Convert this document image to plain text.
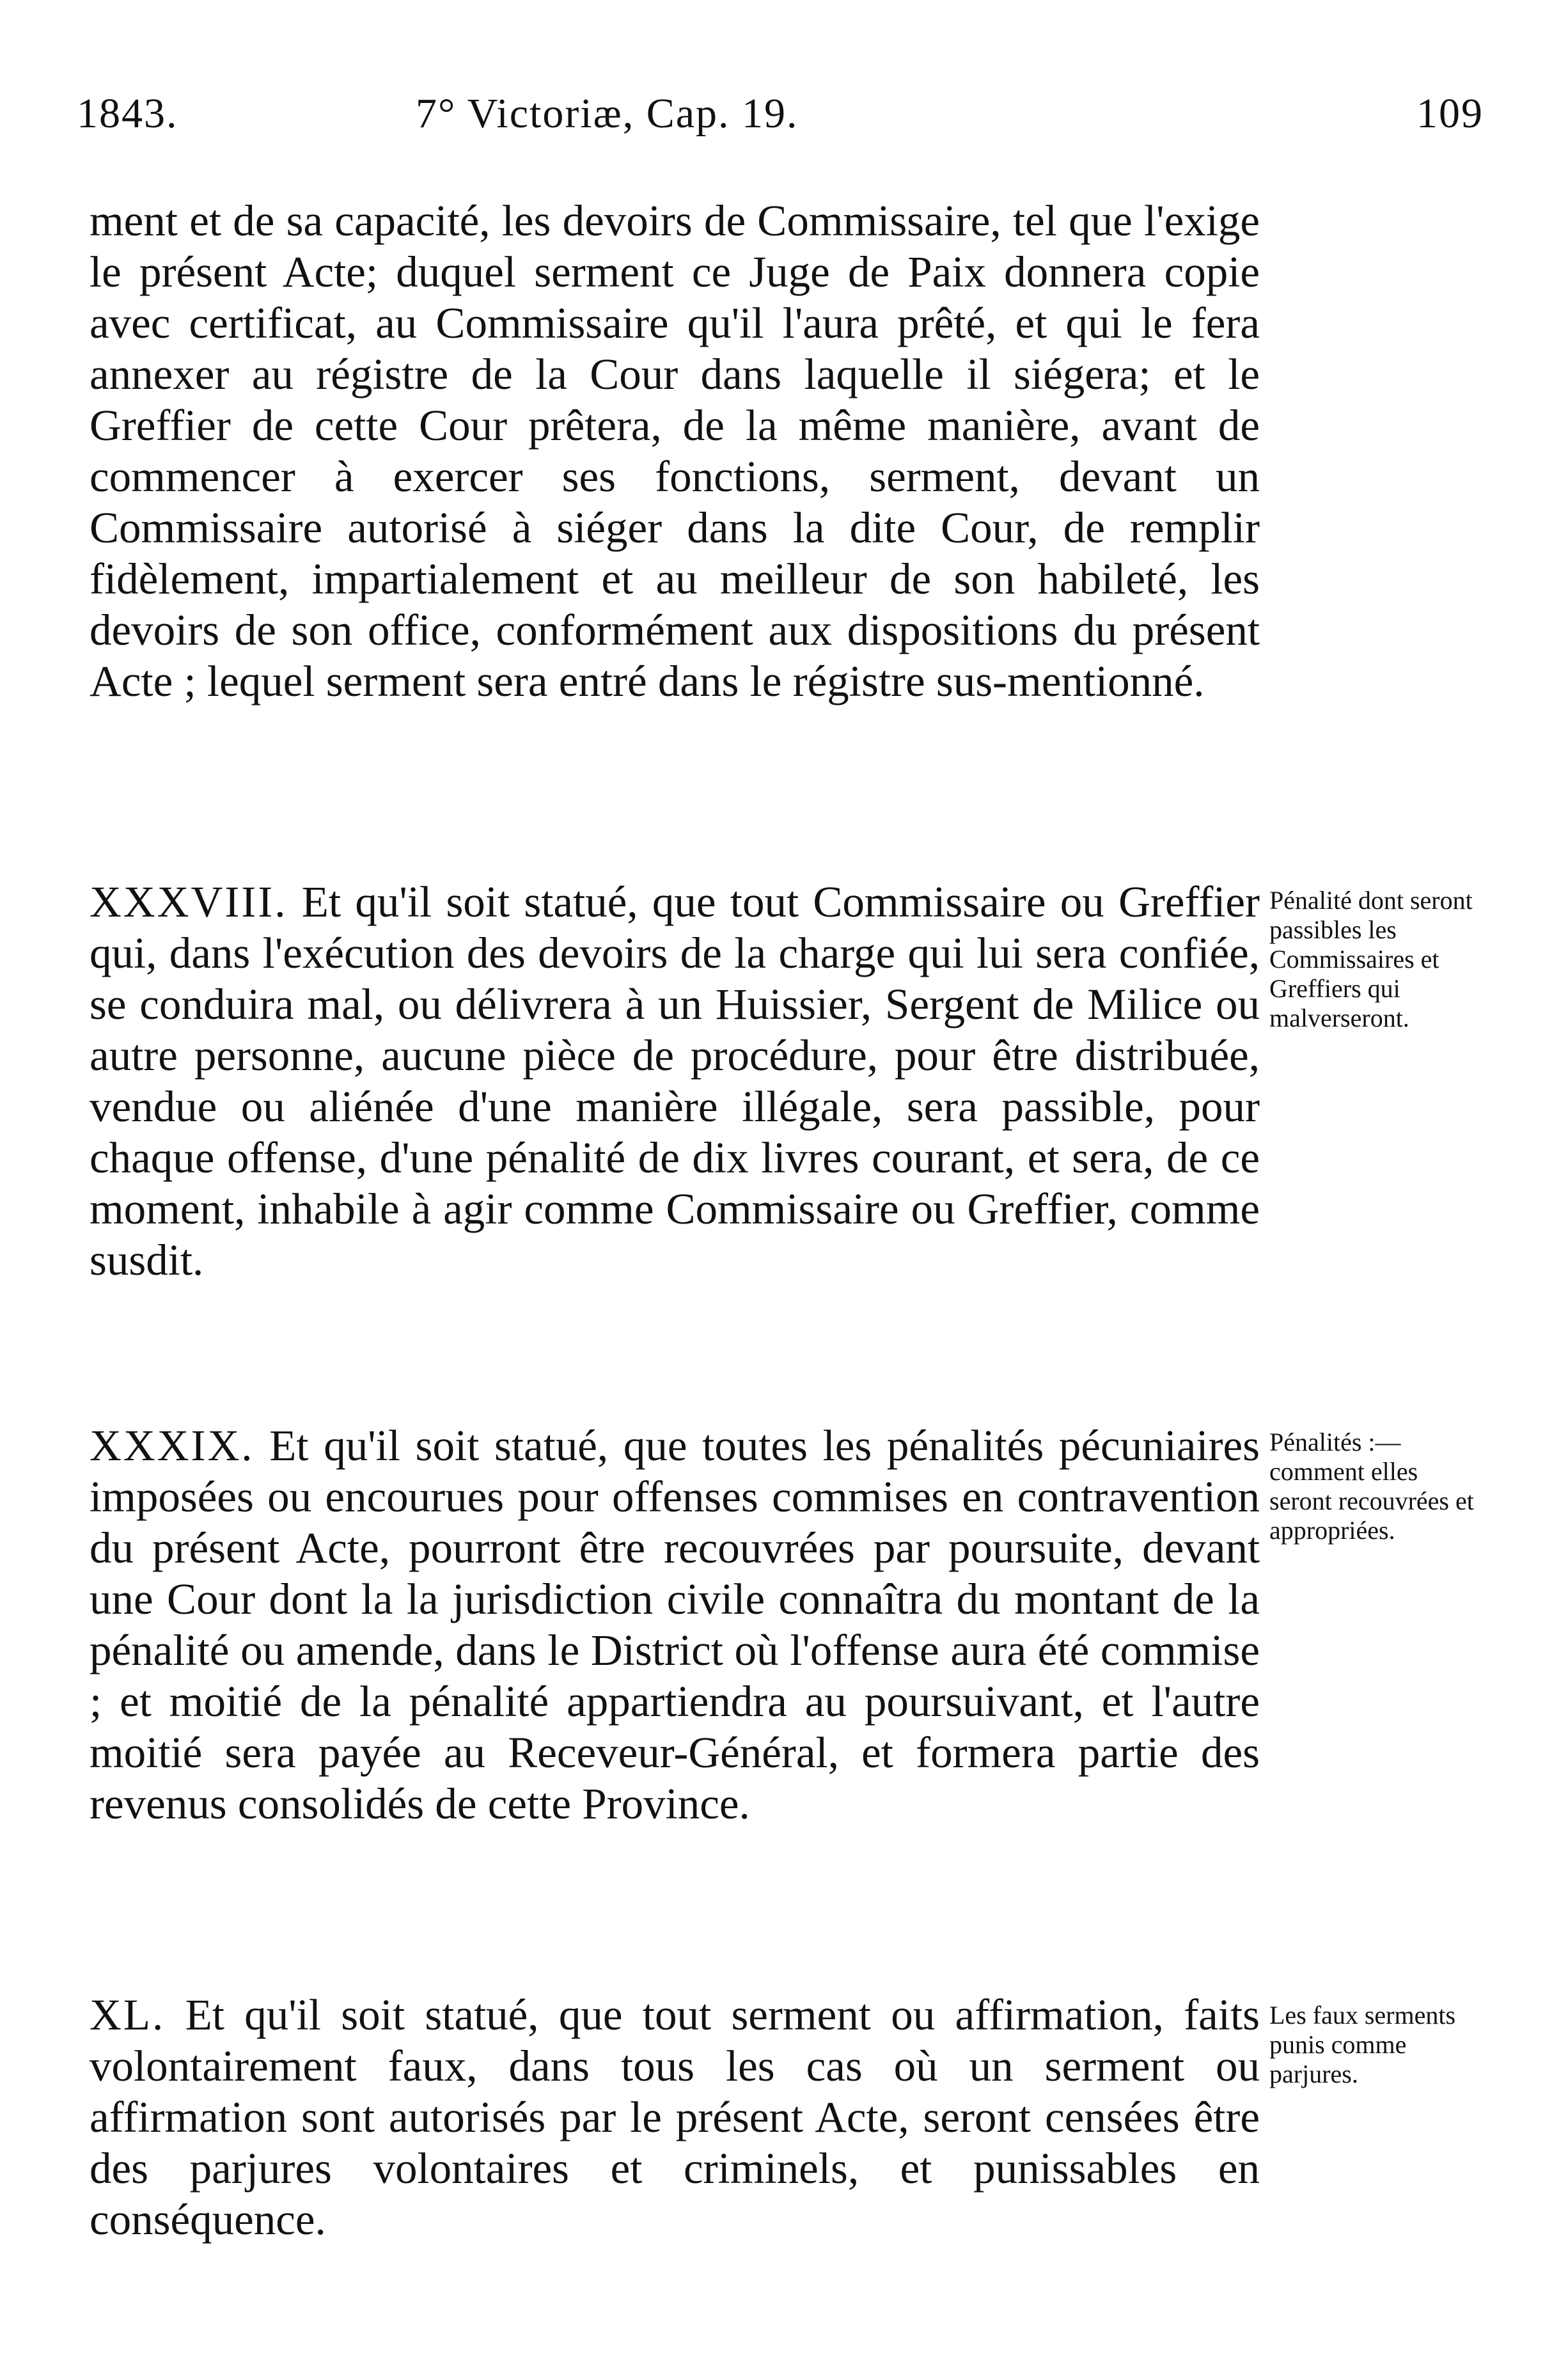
1843.	7° Victoriæ, Cap. 19.	109
ment et de sa capacité, les devoirs de Commissaire, tel que l'exige le présent Acte; duquel serment ce Juge de Paix donnera copie avec certificat, au Commissaire qu'il l'aura prêté, et qui le fera annexer au régistre de la Cour dans laquelle il siégera; et le Greffier de cette Cour prêtera, de la même manière, avant de commencer à exercer ses fonctions, serment, devant un Commissaire autorisé à siéger dans la dite Cour, de remplir fidèlement, impartialement et au meilleur de son habileté, les devoirs de son office, conformément aux dispositions du présent Acte ; lequel serment sera entré dans le régistre sus-mentionné.
XXXVIII. Et qu'il soit statué, que tout Commissaire ou Greffier qui, dans l'exécution des devoirs de la charge qui lui sera confiée, se conduira mal, ou délivrera à un Huissier, Sergent de Milice ou autre personne, aucune pièce de procédure, pour être distribuée, vendue ou aliénée d'une manière illégale, sera passible, pour chaque offense, d'une pénalité de dix livres courant, et sera, de ce moment, inhabile à agir comme Commissaire ou Greffier, comme susdit.
Pénalité dont seront passibles les Commissaires et Greffiers qui malverseront.
XXXIX. Et qu'il soit statué, que toutes les pénalités pécuniaires imposées ou encourues pour offenses commises en contravention du présent Acte, pourront être recouvrées par poursuite, devant une Cour dont la la jurisdiction civile connaîtra du montant de la pénalité ou amende, dans le District où l'offense aura été commise ; et moitié de la pénalité appartiendra au poursuivant, et l'autre moitié sera payée au Receveur-Général, et formera partie des revenus consolidés de cette Province.
Pénalités :— comment elles seront recouvrées et appropriées.
XL. Et qu'il soit statué, que tout serment ou affirmation, faits volontairement faux, dans tous les cas où un serment ou affirmation sont autorisés par le présent Acte, seront censées être des parjures volontaires et criminels, et punissables en conséquence.
Les faux serments punis comme parjures.
